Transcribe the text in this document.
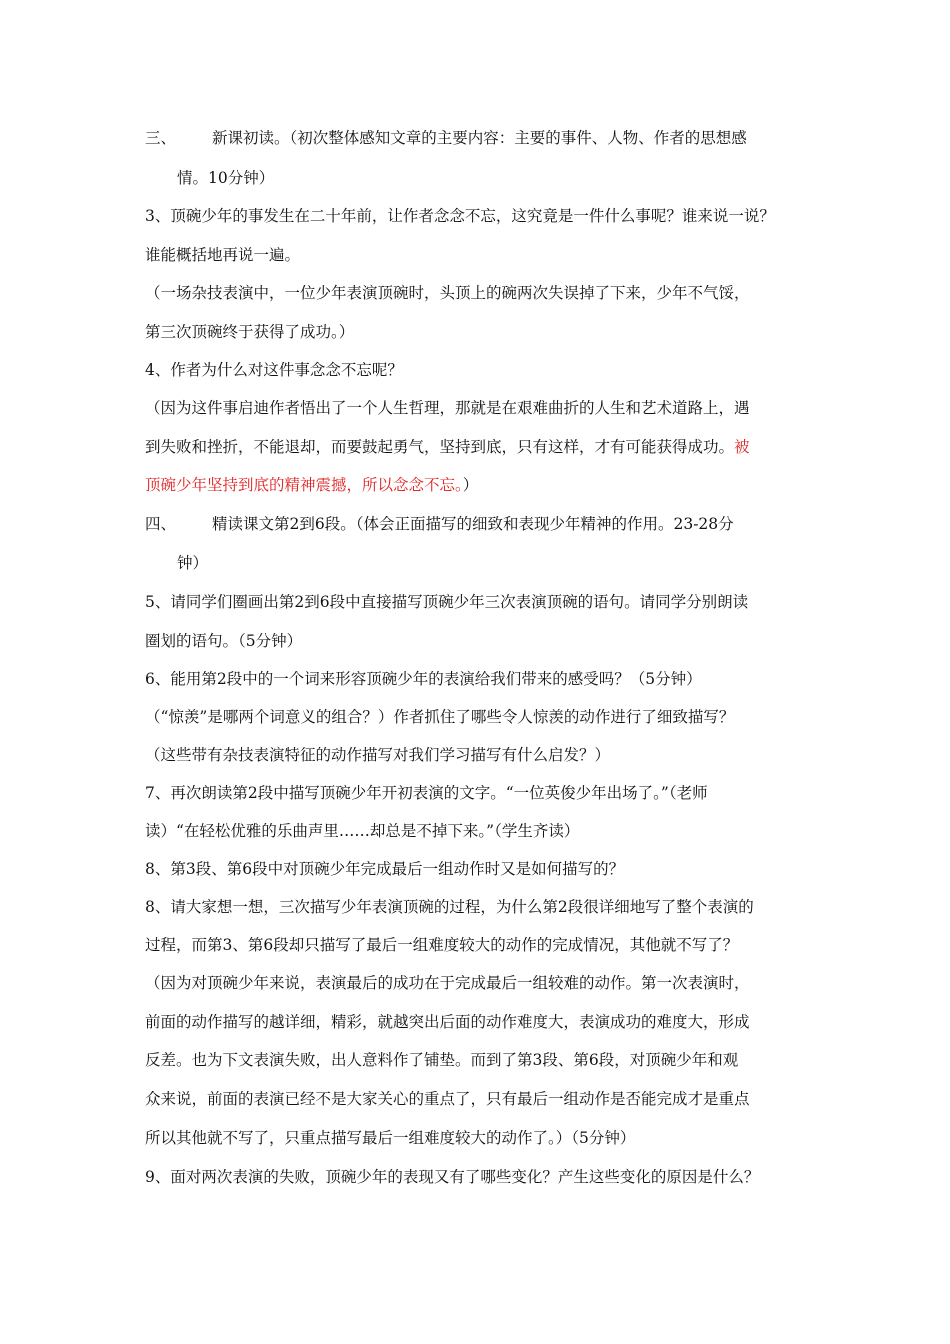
三、 新课初读。（初次整体感知文章的主要内容：主要的事件、人物、作者的思想感
情。10分钟）
3、顶碗少年的事发生在二十年前，让作者念念不忘，这究竟是一件什么事呢？谁来说一说？
谁能概括地再说一遍。
（一场杂技表演中，一位少年表演顶碗时，头顶上的碗两次失误掉了下来，少年不气馁，
第三次顶碗终于获得了成功。）
4、作者为什么对这件事念念不忘呢？
（因为这件事启迪作者悟出了一个人生哲理，那就是在艰难曲折的人生和艺术道路上，遇
到失败和挫折，不能退却，而要鼓起勇气，坚持到底，只有这样，才有可能获得成功。被
顶碗少年坚持到底的精神震撼，所以念念不忘。）
四、 精读课文第2到6段。（体会正面描写的细致和表现少年精神的作用。23-28分
钟）
5、请同学们圈画出第2到6段中直接描写顶碗少年三次表演顶碗的语句。请同学分别朗读
圈划的语句。（5分钟）
6、能用第2段中的一个词来形容顶碗少年的表演给我们带来的感受吗？（5分钟）
（“惊羡”是哪两个词意义的组合？）作者抓住了哪些令人惊羡的动作进行了细致描写？
（这些带有杂技表演特征的动作描写对我们学习描写有什么启发？）
7、再次朗读第2段中描写顶碗少年开初表演的文字。“一位英俊少年出场了。”（老师
读）“在轻松优雅的乐曲声里……却总是不掉下来。”（学生齐读）
8、第3段、第6段中对顶碗少年完成最后一组动作时又是如何描写的？
8、请大家想一想，三次描写少年表演顶碗的过程，为什么第2段很详细地写了整个表演的
过程，而第3、第6段却只描写了最后一组难度较大的动作的完成情况，其他就不写了？
（因为对顶碗少年来说，表演最后的成功在于完成最后一组较难的动作。第一次表演时，
前面的动作描写的越详细，精彩，就越突出后面的动作难度大，表演成功的难度大，形成
反差。也为下文表演失败，出人意料作了铺垫。而到了第3段、第6段，对顶碗少年和观
众来说，前面的表演已经不是大家关心的重点了，只有最后一组动作是否能完成才是重点
所以其他就不写了，只重点描写最后一组难度较大的动作了。）（5分钟）
9、面对两次表演的失败，顶碗少年的表现又有了哪些变化？产生这些变化的原因是什么？
